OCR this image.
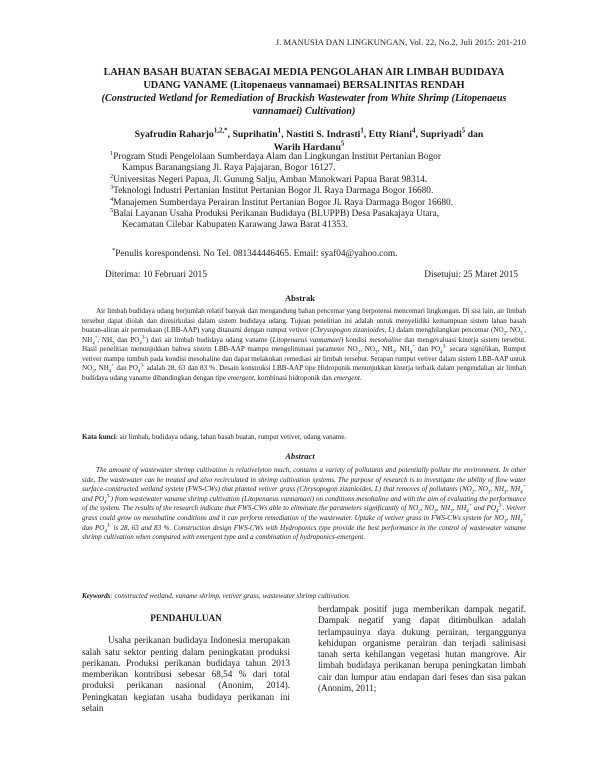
J. MANUSIA DAN LINGKUNGAN, Vol. 22, No.2, Juli 2015: 201-210
LAHAN BASAH BUATAN SEBAGAI MEDIA PENGOLAHAN AIR LIMBAH BUDIDAYA
UDANG VANAME (Litopenaeus vannamaei) BERSALINITAS RENDAH
(Constructed Wetland for Remediation of Brackish Wastewater from White Shrimp (Litopenaeus
vannamaei) Cultivation)
Syafrudin Raharjo$^{1,2,*}$, Suprihatin$^1$, Nastiti S. Indrasti$^1$, Etty Riani$^4$, Supriyadi$^5$ dan
Warih Hardanu$^5$
$^1$Program Studi Pengelolaan Sumberdaya Alam dan Lingkungan Institut Pertanian Bogor
Kampus Baranangsiang Jl. Raya Pajajaran, Bogor 16127.
$^2$Universitas Negeri Papua, Jl. Gunung Salju, Amban Manokwari Papua Barat 98314.
$^3$Teknologi Industri Pertanian Institut Pertanian Bogor Jl. Raya Darmaga Bogor 16680.
$^4$Manajemen Sumberdaya Perairan Institut Pertanian Bogor Jl. Raya Darmaga Bogor 16680.
$^5$Balai Layanan Usaha Produksi Perikanan Budidaya (BLUPPB) Desa Pasakajaya Utara,
Kecamatan Cilebar Kabupaten Karawang Jawa Barat 41353.
*Penulis korespondensi. No Tel. 081344446465. Email: syaf04@yahoo.com.
Diterima: 10 Februari 2015	Disetujui: 25 Maret 2015
Abstrak
Air limbah budidaya udang berjumlah relatif banyak dan mengandung bahan pencemar yang berpotensi mencemari lingkungan. Di sisi lain, air limbah tersebut dapat diolah dan diresirkulasi dalam sistem budidaya udang. Tujuan penelitian ini adalah untuk menyelidiki kemampuan sistem lahan basah buatan-aliran air permukaan (LBB-AAP) yang ditanami dengan rumput vetiver (Chrysopogon zizanioides, L) dalam menghilangkan pencemar ($NO_2$, $NO_3^-$, $NH_4^+$, $NH_3$ dan $PO_4^{3-}$) dari air limbah budidaya udang vaname (Litopenaeus vannamaei) kondisi mesohaline dan mengevaluasi kinerja sistem tersebut. Hasil penelitian menunjukkan bahwa sistem LBB-AAP mampu mengeliminasi parameter $NO_2$, $NO_3$, $NH_3$, $NH_4^+$ dan $PO_4^{3-}$ secara signifikan. Rumput vetiver mampu tumbuh pada kondisi mesohaline dan dapat melakukan remediasi air limbah tersebut. Serapan rumput vetiver dalam sistem LBB-AAP untuk $NO_3$, $NH_4^+$ dan $PO_4^{3-}$ adalah 28, 63 dan 83 %. Desain konstruksi LBB-AAP tipe Hidroponik menunjukkan kinerja terbaik dalam pengendalian air limbah budidaya udang vaname dibandingkan dengan tipe emergent, kombinasi hidroponik dan emergent.
Kata kunci: air limbah, budidaya udang, lahan basah buatan, rumput vetiver, udang vaname.
Abstract
The amount of wastewater shrimp cultivation is relativelytoo much, contains a variety of pollutants and potentially pollute the environment. In other side, The wastewater can be treated and also recirculated in shrimp cultivation systems. The purpose of research is to investigate the ability of flow water surface-constructed wetland system (FWS-CWs) that planted vetiver grass (Chrysopogon zizanioides, L) that removes of pollutants ($NO_2$, $NO_3$, $NH_3$, $NH_4^+$ and $PO_4^{3-}$) from wastewater vaname shrimp cultivation (Litopenaeus vannamaei) on conditions mesohaline and with the aim of evaluating the performance of the system. The results of the research indicate that FWS-CWs able to eliminate the parameters significantly of $NO_2$, $NO_3$, $NH_3$, $NH_4^+$ and $PO_4^{3-}$. Vetiver grass could grow on mesohaline conditions and it can perform remediation of the wastewater. Uptake of vetiver grass in FWS-CWs system for $NO_3$, $NH_4^+$ dan $PO_4^{3-}$ is 28, 63 and 83 %. Construction design FWS-CWs with Hydroponics type provide the best performance in the control of wastewater vaname shrimp cultivation when compared with emergent type and a combination of hydroponics-emergent.
Keywords: constructed wetland, vaname shrimp, vetiver grass, wastewater shrimp cultivation.
PENDAHULUAN
Usaha perikanan budidaya Indonesia merupakan salah satu sektor penting dalam peningkatan produksi perikanan. Produksi perikanan budidaya tahun 2013 memberikan kontribusi sebesar 68,54 % dari total produksi perikanan nasional (Anonim, 2014). Peningkatan kegiatan usaha budidaya perikanan ini selain
berdampak positif juga memberikan dampak negatif. Dampak negatif yang dapat ditimbulkan adalah terlampauinya daya dukung perairan, terganggunya kehidupan organisme perairan dan terjadi salinisasi tanah serta kehilangan vegetasi hutan mangrove. Air limbah budidaya perikanan berupa peningkatan limbah cair dan lumpur atau endapan dari feses dan sisa pakan (Anonim, 2011;
